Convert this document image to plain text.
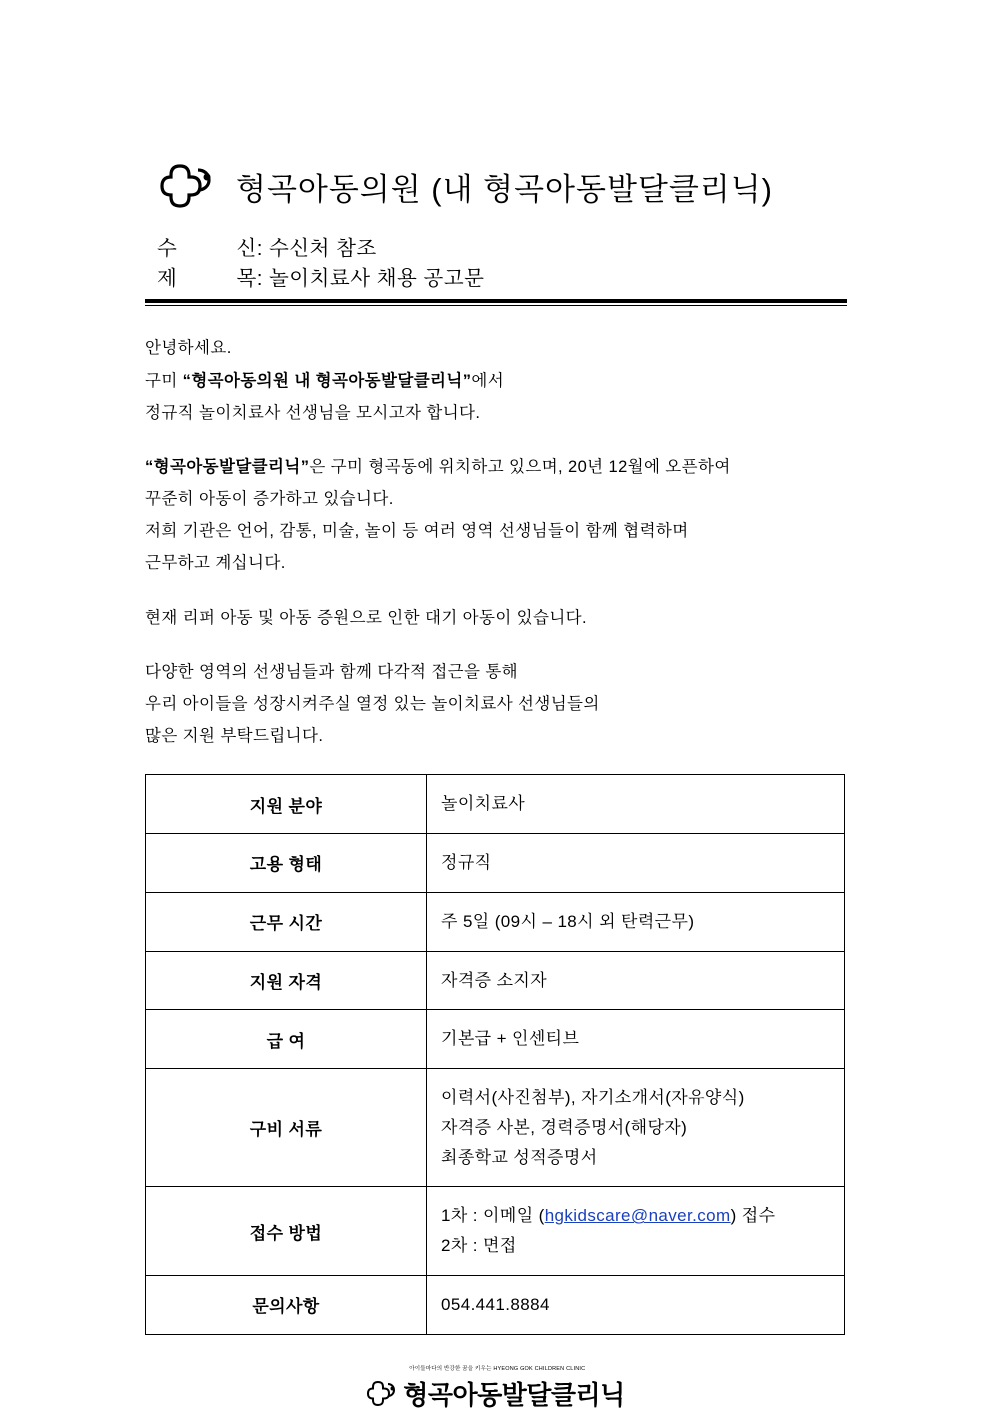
형곡아동의원 (내 형곡아동발달클리닉)
수	신: 수신처 참조
제	목: 놀이치료사 채용 공고문

안녕하세요.

구미 “형곡아동의원 내 형곡아동발달클리닉”에서

정규직 놀이치료사 선생님을 모시고자 합니다.

“형곡아동발달클리닉”은 구미 형곡동에 위치하고 있으며, 20년 12월에 오픈하여

꾸준히 아동이 증가하고 있습니다.

저희 기관은 언어, 감통, 미술, 놀이 등 여러 영역 선생님들이 함께 협력하며

근무하고 계십니다.

현재 리퍼 아동 및 아동 증원으로 인한 대기 아동이 있습니다.

다양한 영역의 선생님들과 함께 다각적 접근을 통해

우리 아이들을 성장시켜주실 열정 있는 놀이치료사 선생님들의

많은 지원 부탁드립니다.

지원 분야	놀이치료사
고용 형태	정규직
근무 시간	주 5일 (09시 – 18시 외 탄력근무)
지원 자격	자격증 소지자
급 여	기본급 + 인센티브
구비 서류	이력서(사진첨부), 자기소개서(자유양식)
자격증 사본, 경력증명서(해당자)
최종학교 성적증명서

접수 방법	1차 : 이메일 (hgkidscare@naver.com) 접수
2차 : 면접

문의사항	054.441.8884
아이들마다의 반강한 꿈을 키우는 HYEONG GOK CHILDREN CLINIC
형곡아동발달클리닉
